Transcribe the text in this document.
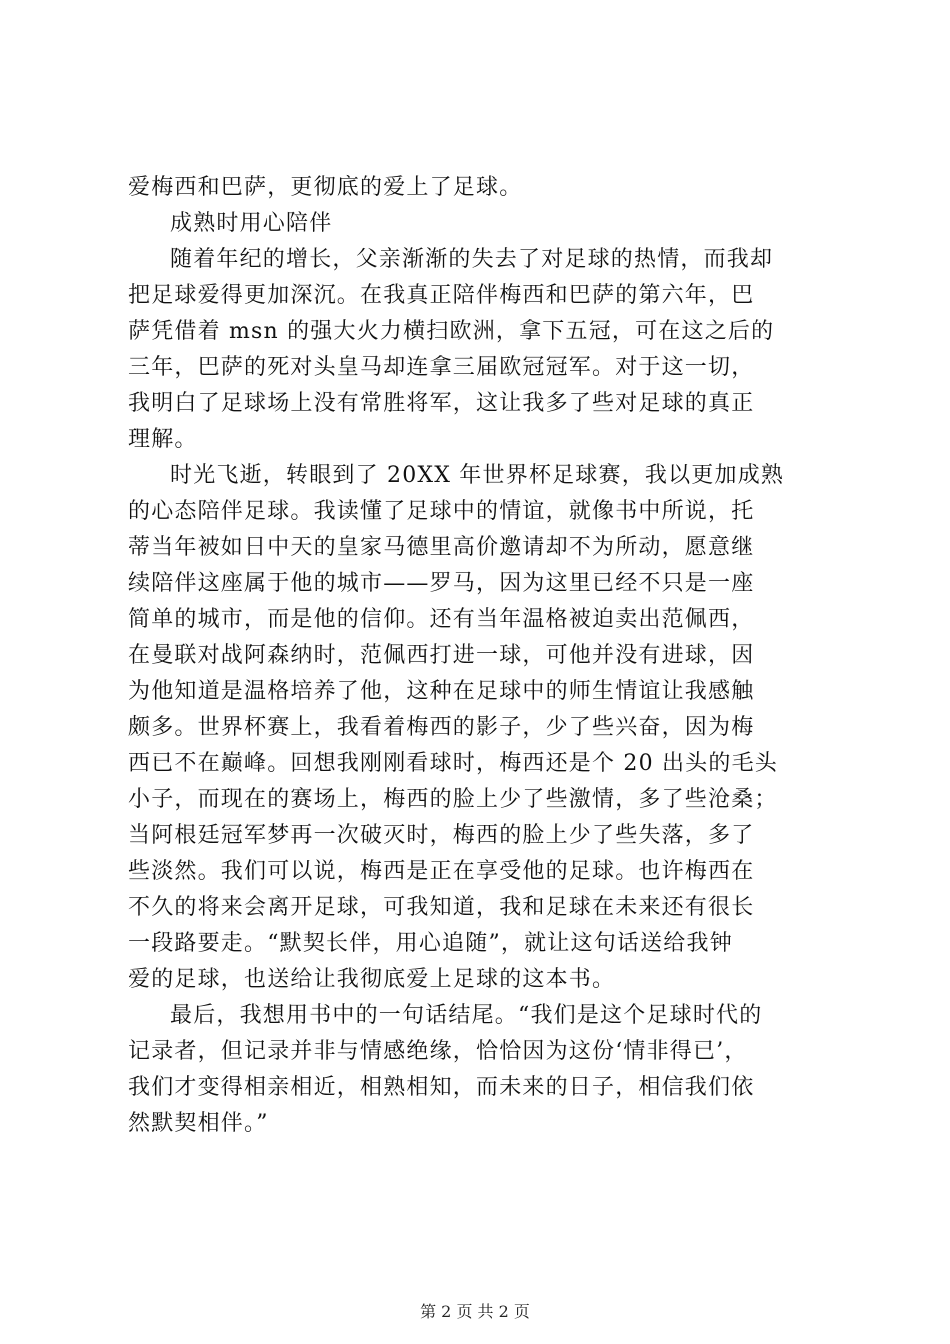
爱梅西和巴萨，更彻底的爱上了足球。
成熟时用心陪伴
随着年纪的增长，父亲渐渐的失去了对足球的热情，而我却
把足球爱得更加深沉。在我真正陪伴梅西和巴萨的第六年，巴
萨凭借着 msn 的强大火力横扫欧洲，拿下五冠，可在这之后的
三年，巴萨的死对头皇马却连拿三届欧冠冠军。对于这一切，
我明白了足球场上没有常胜将军，这让我多了些对足球的真正
理解。
时光飞逝，转眼到了 20XX 年世界杯足球赛，我以更加成熟
的心态陪伴足球。我读懂了足球中的情谊，就像书中所说，托
蒂当年被如日中天的皇家马德里高价邀请却不为所动，愿意继
续陪伴这座属于他的城市——罗马，因为这里已经不只是一座
简单的城市，而是他的信仰。还有当年温格被迫卖出范佩西，
在曼联对战阿森纳时，范佩西打进一球，可他并没有进球，因
为他知道是温格培养了他，这种在足球中的师生情谊让我感触
颇多。世界杯赛上，我看着梅西的影子，少了些兴奋，因为梅
西已不在巅峰。回想我刚刚看球时，梅西还是个 20 出头的毛头
小子，而现在的赛场上，梅西的脸上少了些激情，多了些沧桑；
当阿根廷冠军梦再一次破灭时，梅西的脸上少了些失落，多了
些淡然。我们可以说，梅西是正在享受他的足球。也许梅西在
不久的将来会离开足球，可我知道，我和足球在未来还有很长
一段路要走。“默契长伴，用心追随”，就让这句话送给我钟
爱的足球，也送给让我彻底爱上足球的这本书。
最后，我想用书中的一句话结尾。“我们是这个足球时代的
记录者，但记录并非与情感绝缘，恰恰因为这份‘情非得已’，
我们才变得相亲相近，相熟相知，而未来的日子，相信我们依
然默契相伴。”
第 2 页 共 2 页
